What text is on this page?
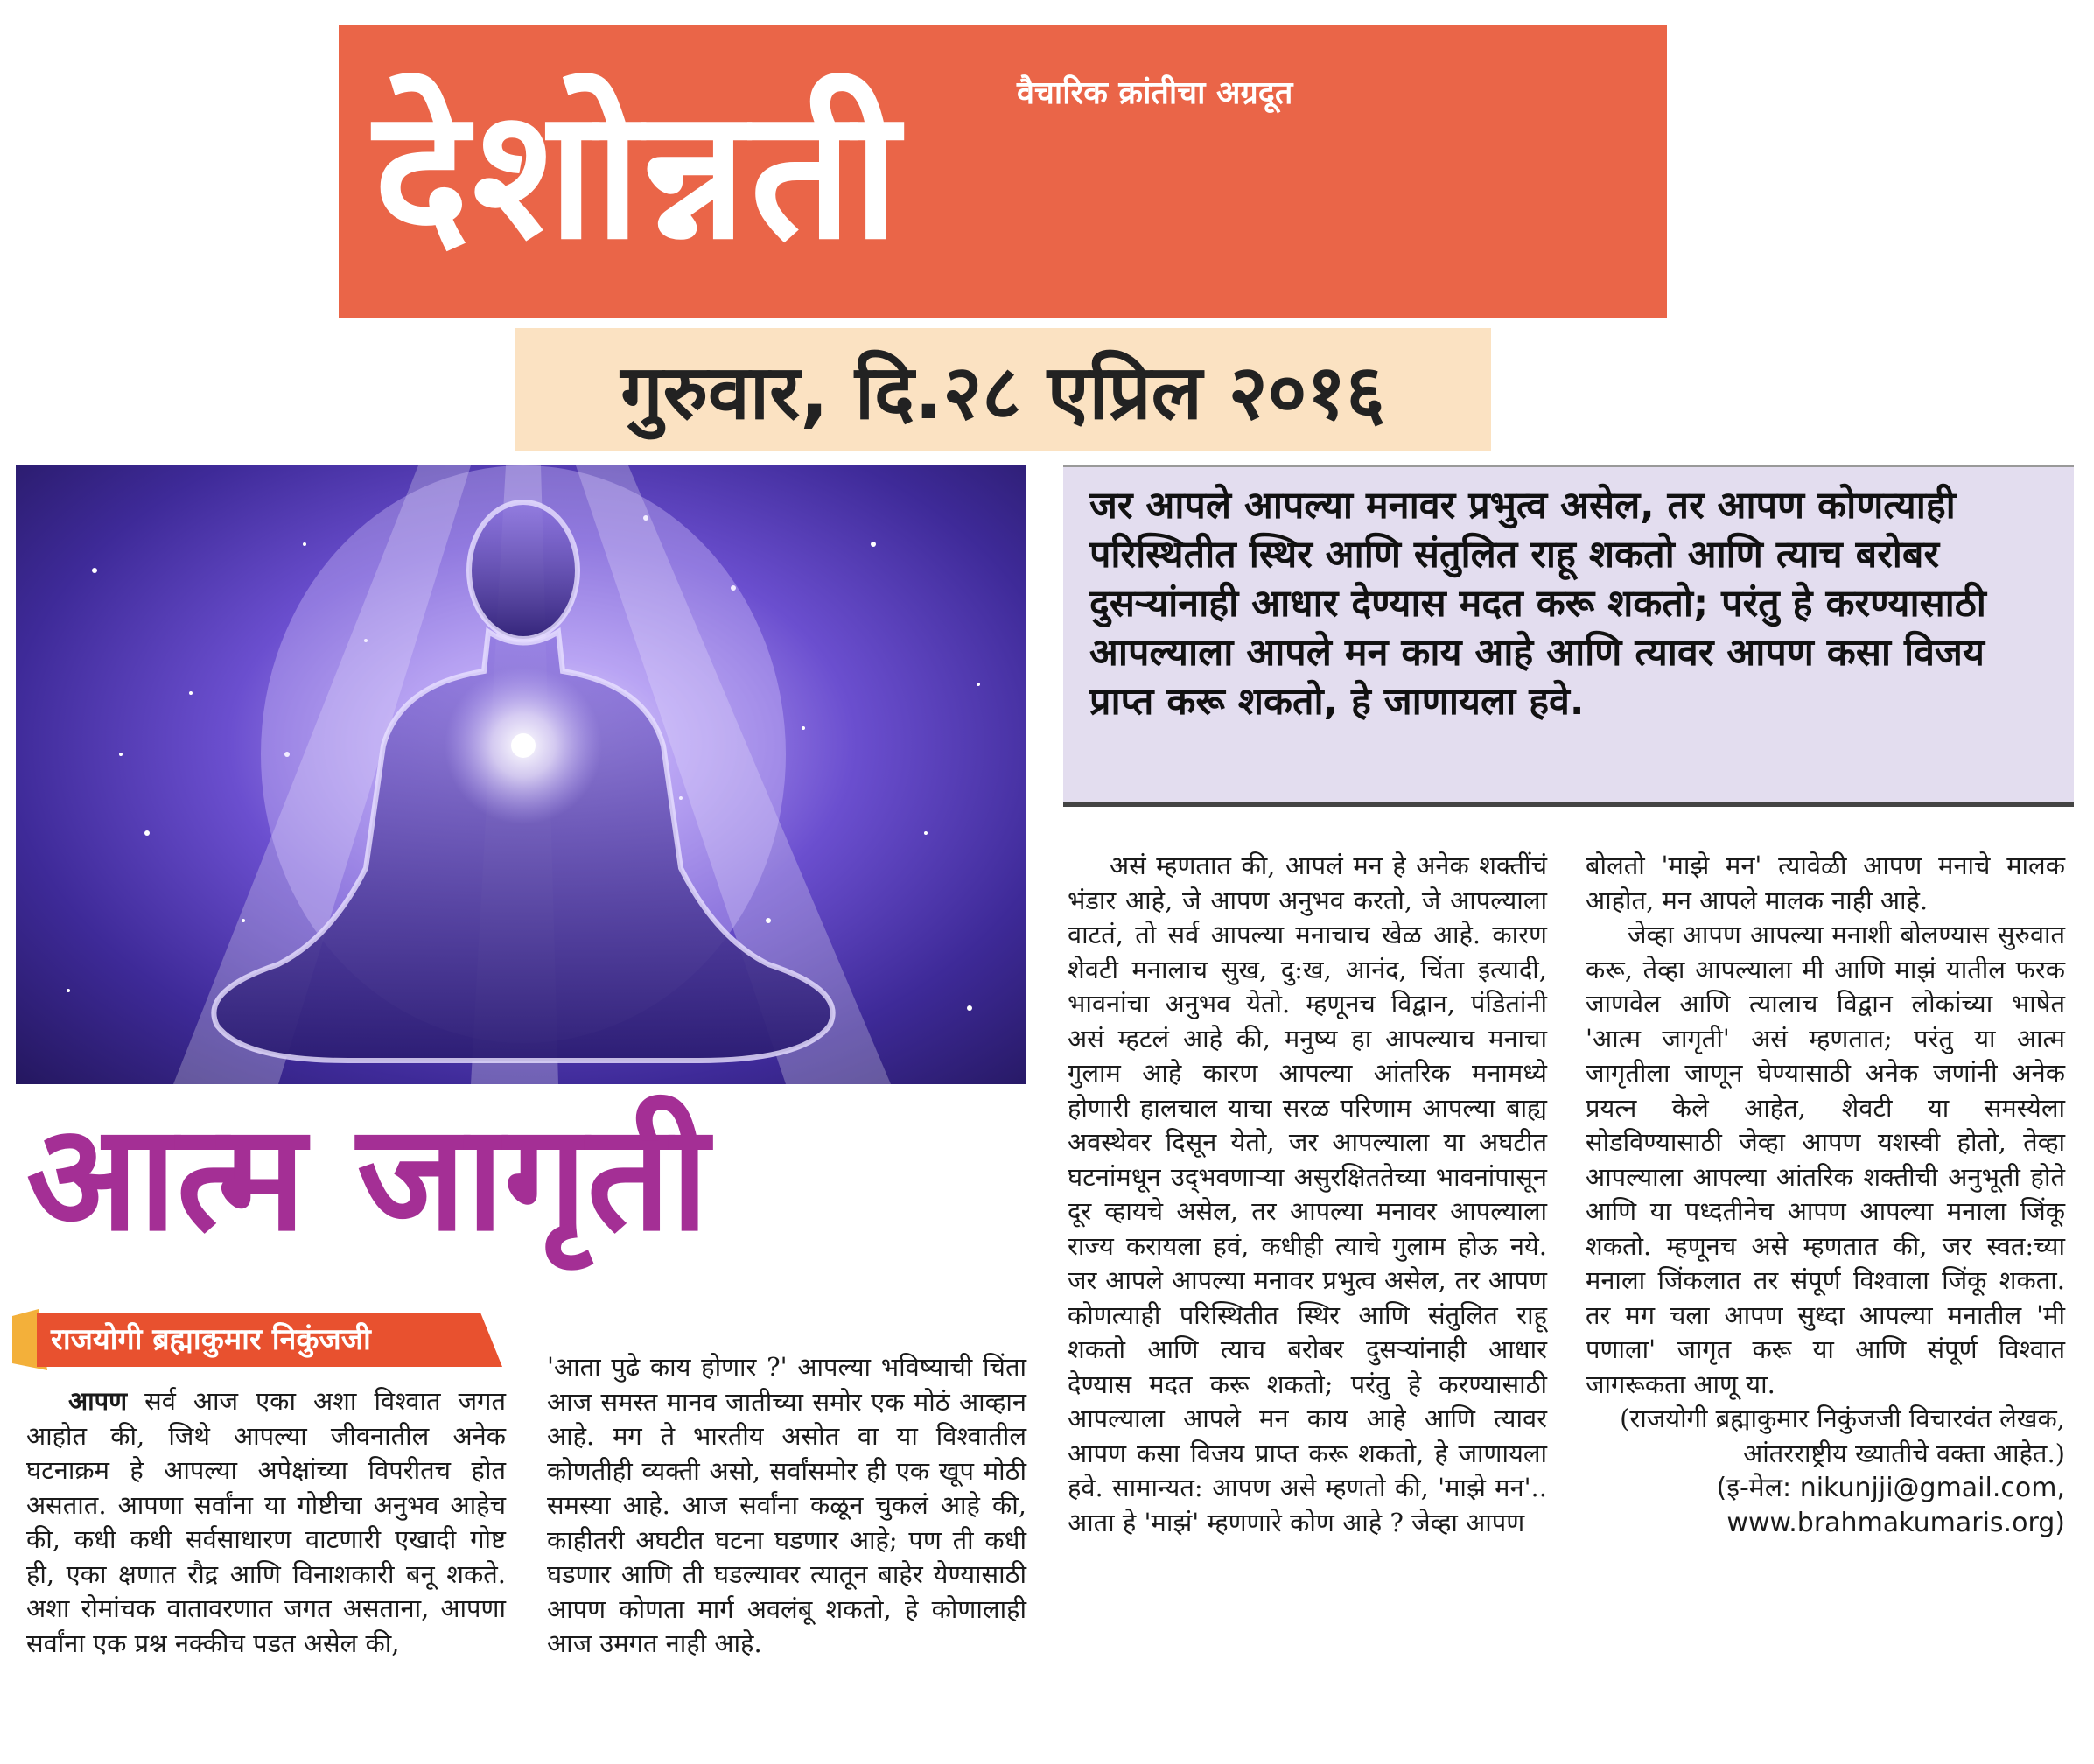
वैचारिक क्रांतीचा अग्रदूत
देशोन्नती
गुरुवार, दि.२८ एप्रिल २०१६

जर आपले आपल्या मनावर प्रभुत्व असेल, तर आपण कोणत्याही परिस्थितीत स्थिर आणि संतुलित राहू शकतो आणि त्याच बरोबर दुसऱ्यांनाही आधार देण्यास मदत करू शकतो; परंतु हे करण्यासाठी आपल्याला आपले मन काय आहे आणि त्यावर आपण कसा विजय प्राप्त करू शकतो, हे जाणायला हवे.

आत्म जागृती
राजयोगी ब्रह्माकुमार निकुंजजी

आपण सर्व आज एका अशा विश्वात जगत आहोत की, जिथे आपल्या जीवनातील अनेक घटनाक्रम हे आपल्या अपेक्षांच्या विपरीतच होत असतात. आपणा सर्वांना या गोष्टीचा अनुभव आहेच की, कधी कधी सर्वसाधारण वाटणारी एखादी गोष्ट ही, एका क्षणात रौद्र आणि विनाशकारी बनू शकते. अशा रोमांचक वातावरणात जगत असताना, आपणा सर्वांना एक प्रश्न नक्कीच पडत असेल की,

'आता पुढे काय होणार ?' आपल्या भविष्याची चिंता आज समस्त मानव जातीच्या समोर एक मोठं आव्हान आहे. मग ते भारतीय असोत वा या विश्वातील कोणतीही व्यक्ती असो, सर्वांसमोर ही एक खूप मोठी समस्या आहे. आज सर्वांना कळून चुकलं आहे की, काहीतरी अघटीत घटना घडणार आहे; पण ती कधी घडणार आणि ती घडल्यावर त्यातून बाहेर येण्यासाठी आपण कोणता मार्ग अवलंबू शकतो, हे कोणालाही आज उमगत नाही आहे.

असं म्हणतात की, आपलं मन हे अनेक शक्तींचं भंडार आहे, जे आपण अनुभव करतो, जे आपल्याला वाटतं, तो सर्व आपल्या मनाचाच खेळ आहे. कारण शेवटी मनालाच सुख, दु:ख, आनंद, चिंता इत्यादी, भावनांचा अनुभव येतो. म्हणूनच विद्वान, पंडितांनी असं म्हटलं आहे की, मनुष्य हा आपल्याच मनाचा गुलाम आहे कारण आपल्या आंतरिक मनामध्ये होणारी हालचाल याचा सरळ परिणाम आपल्या बाह्य अवस्थेवर दिसून येतो, जर आपल्याला या अघटीत घटनांमधून उद्‌भवणाऱ्या असुरक्षिततेच्या भावनांपासून दूर व्हायचे असेल, तर आपल्या मनावर आपल्याला राज्य करायला हवं, कधीही त्याचे गुलाम होऊ नये. जर आपले आपल्या मनावर प्रभुत्व असेल, तर आपण कोणत्याही परिस्थितीत स्थिर आणि संतुलित राहू शकतो आणि त्याच बरोबर दुसऱ्यांनाही आधार देण्यास मदत करू शकतो; परंतु हे करण्यासाठी आपल्याला आपले मन काय आहे आणि त्यावर आपण कसा विजय प्राप्त करू शकतो, हे जाणायला हवे. सामान्यत: आपण असे म्हणतो की, 'माझे मन'.. आता हे 'माझं' म्हणणारे कोण आहे ? जेव्हा आपण

बोलतो 'माझे मन' त्यावेळी आपण मनाचे मालक आहोत, मन आपले मालक नाही आहे.

जेव्हा आपण आपल्या मनाशी बोलण्यास सुरुवात करू, तेव्हा आपल्याला मी आणि माझं यातील फरक जाणवेल आणि त्यालाच विद्वान लोकांच्या भाषेत 'आत्म जागृती' असं म्हणतात; परंतु या आत्म जागृतीला जाणून घेण्यासाठी अनेक जणांनी अनेक प्रयत्न केले आहेत, शेवटी या समस्येला सोडविण्यासाठी जेव्हा आपण यशस्वी होतो, तेव्हा आपल्याला आपल्या आंतरिक शक्तीची अनुभूती होते आणि या पध्दतीनेच आपण आपल्या मनाला जिंकू शकतो. म्हणूनच असे म्हणतात की, जर स्वत:च्या मनाला जिंकलात तर संपूर्ण विश्वाला जिंकू शकता. तर मग चला आपण सुध्दा आपल्या मनातील 'मी पणाला' जागृत करू या आणि संपूर्ण विश्वात जागरूकता आणू या.

(राजयोगी ब्रह्माकुमार निकुंजजी विचारवंत लेखक, आंतरराष्ट्रीय ख्यातीचे वक्ता आहेत.)

(इ-मेल: nikunjji@gmail.com,

www.brahmakumaris.org)
